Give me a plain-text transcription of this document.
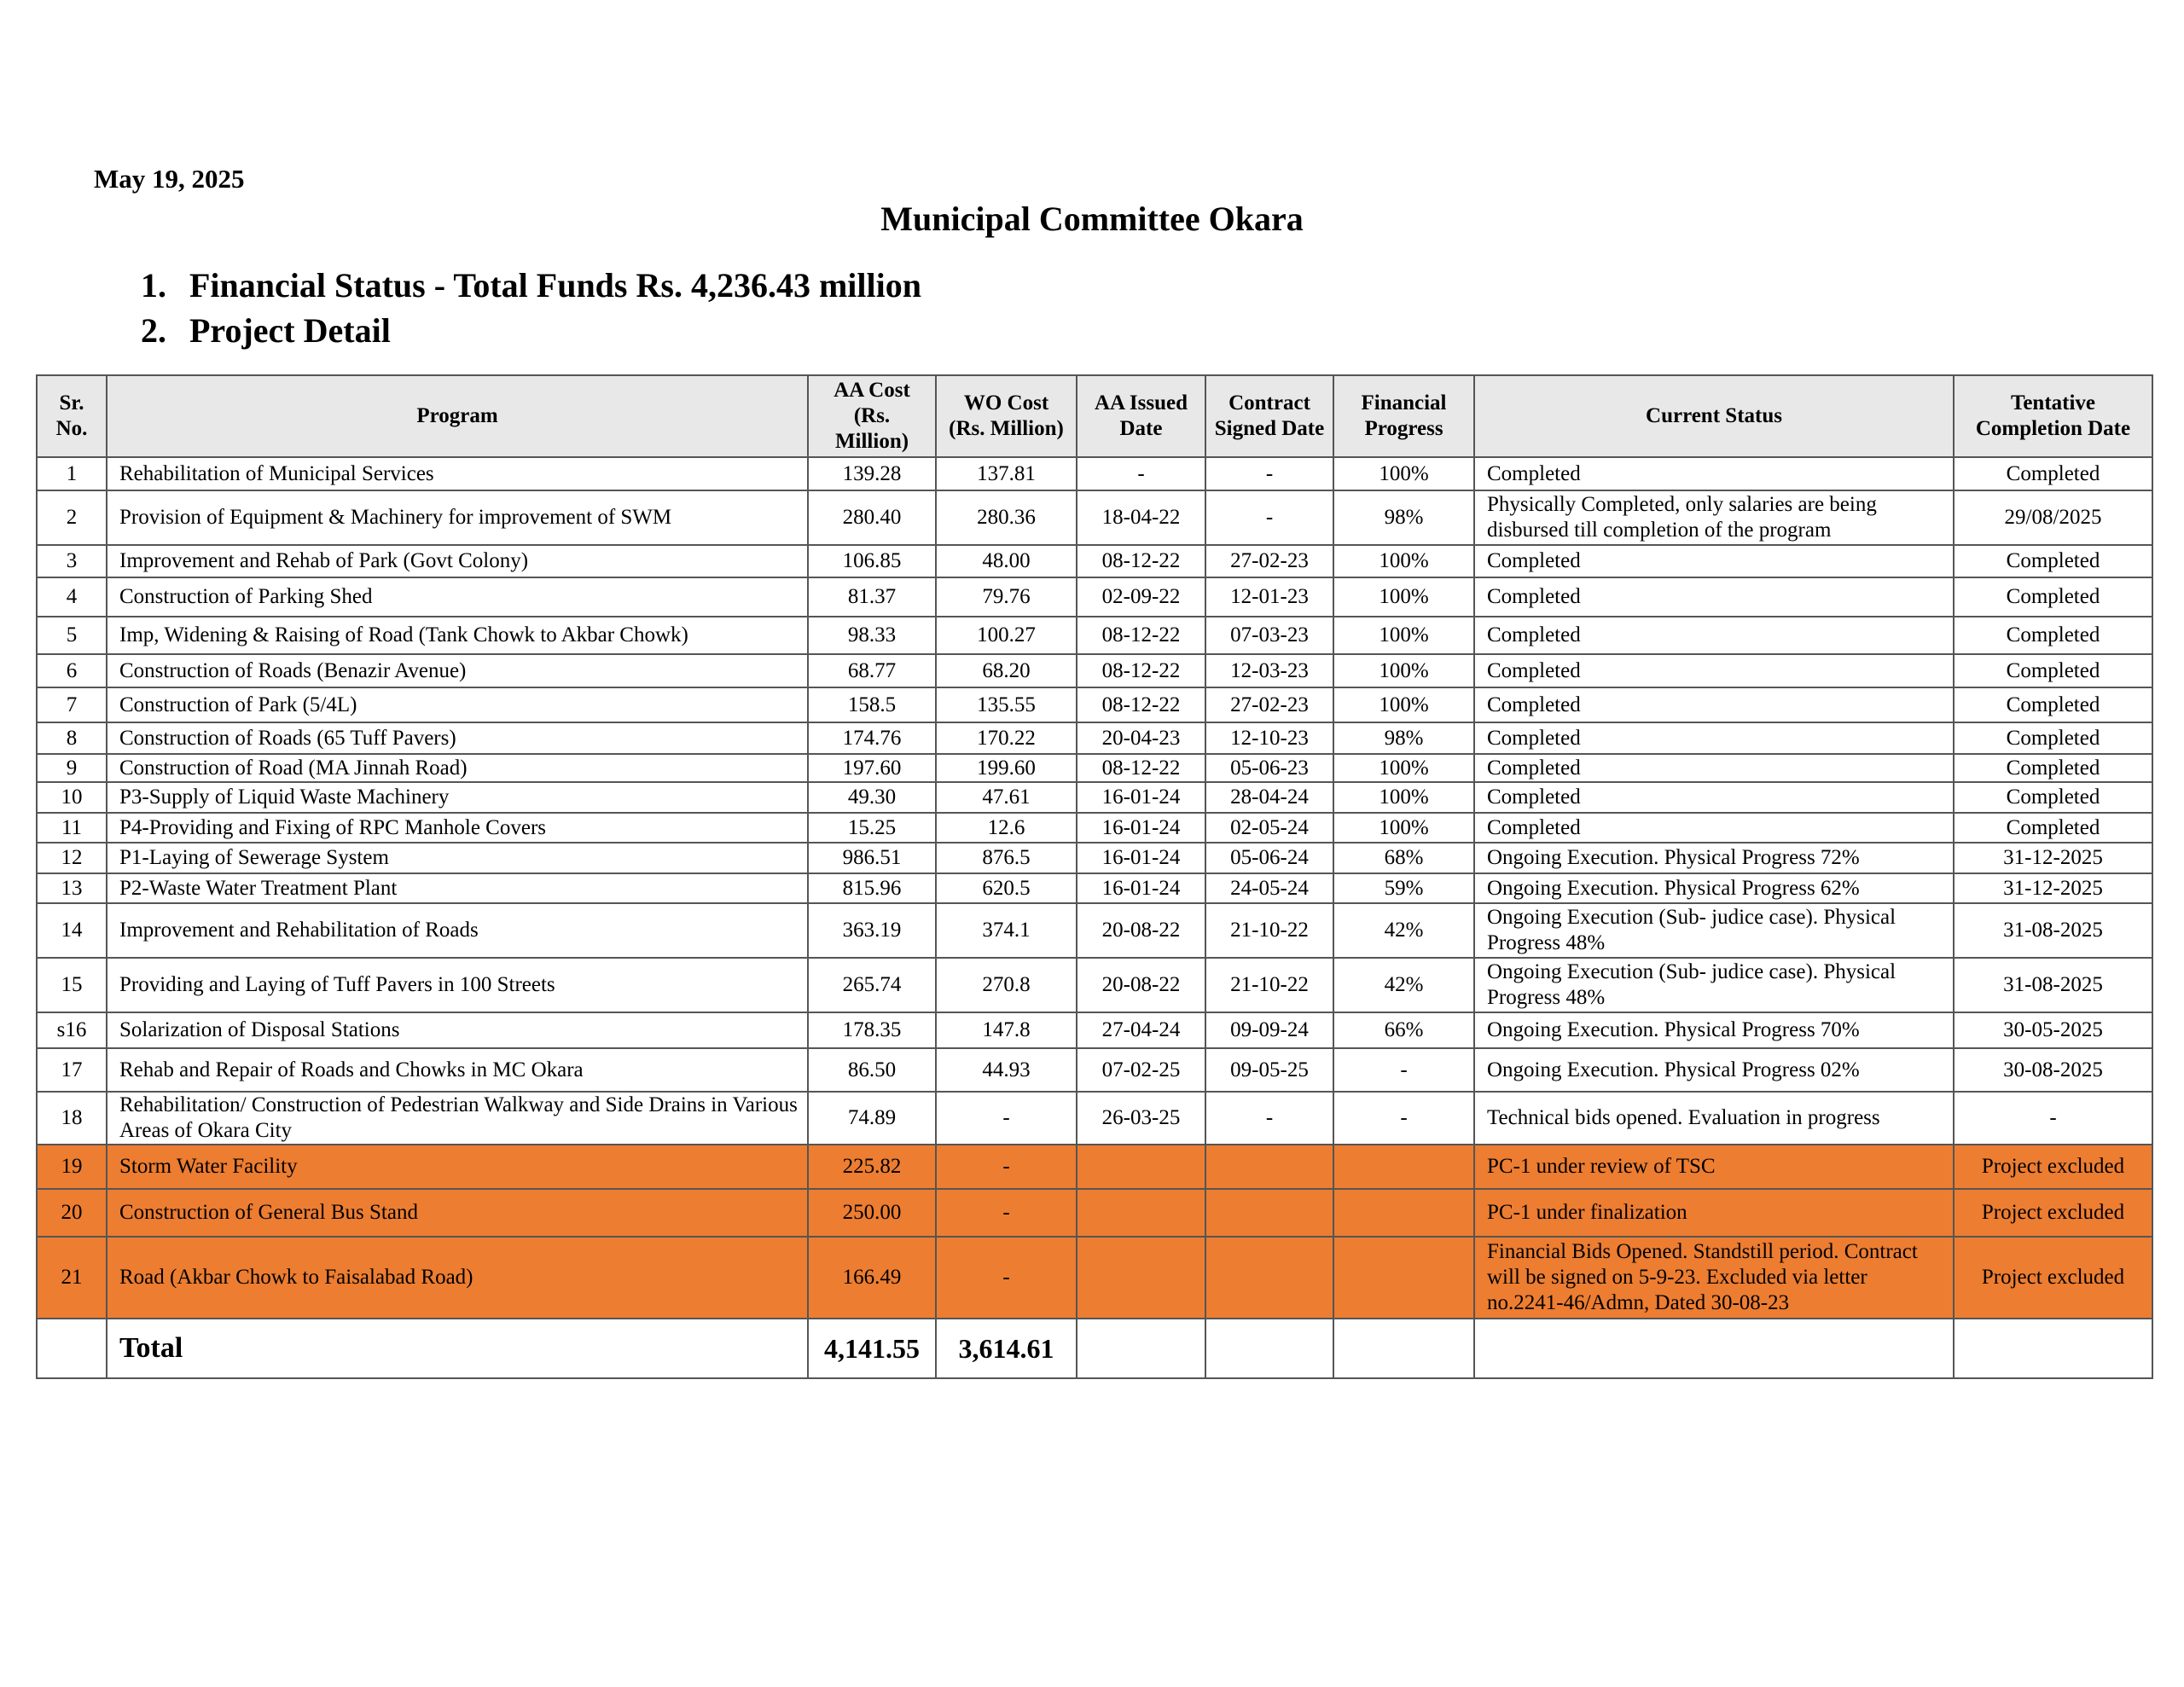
May 19, 2025
Municipal Committee Okara
1. Financial Status - Total Funds Rs. 4,236.43 million
2. Project Detail
Sr. No.	Program	AA Cost (Rs. Million)	WO Cost (Rs. Million)	AA Issued Date	Contract Signed Date	Financial Progress	Current Status	Tentative Completion Date
1	Rehabilitation of Municipal Services	139.28	137.81	-	-	100%	Completed	Completed
2	Provision of Equipment & Machinery for improvement of SWM	280.40	280.36	18-04-22	-	98%	Physically Completed, only salaries are being disbursed till completion of the program	29/08/2025
3	Improvement and Rehab of Park (Govt Colony)	106.85	48.00	08-12-22	27-02-23	100%	Completed	Completed
4	Construction of Parking Shed	81.37	79.76	02-09-22	12-01-23	100%	Completed	Completed
5	Imp, Widening & Raising of Road (Tank Chowk to Akbar Chowk)	98.33	100.27	08-12-22	07-03-23	100%	Completed	Completed
6	Construction of Roads (Benazir Avenue)	68.77	68.20	08-12-22	12-03-23	100%	Completed	Completed
7	Construction of Park (5/4L)	158.5	135.55	08-12-22	27-02-23	100%	Completed	Completed
8	Construction of Roads (65 Tuff Pavers)	174.76	170.22	20-04-23	12-10-23	98%	Completed	Completed
9	Construction of Road (MA Jinnah Road)	197.60	199.60	08-12-22	05-06-23	100%	Completed	Completed
10	P3-Supply of Liquid Waste Machinery	49.30	47.61	16-01-24	28-04-24	100%	Completed	Completed
11	P4-Providing and Fixing of RPC Manhole Covers	15.25	12.6	16-01-24	02-05-24	100%	Completed	Completed
12	P1-Laying of Sewerage System	986.51	876.5	16-01-24	05-06-24	68%	Ongoing Execution. Physical Progress 72%	31-12-2025
13	P2-Waste Water Treatment Plant	815.96	620.5	16-01-24	24-05-24	59%	Ongoing Execution. Physical Progress 62%	31-12-2025
14	Improvement and Rehabilitation of Roads	363.19	374.1	20-08-22	21-10-22	42%	Ongoing Execution (Sub- judice case). Physical Progress 48%	31-08-2025
15	Providing and Laying of Tuff Pavers in 100 Streets	265.74	270.8	20-08-22	21-10-22	42%	Ongoing Execution (Sub- judice case). Physical Progress 48%	31-08-2025
s16	Solarization of Disposal Stations	178.35	147.8	27-04-24	09-09-24	66%	Ongoing Execution. Physical Progress 70%	30-05-2025
17	Rehab and Repair of Roads and Chowks in MC Okara	86.50	44.93	07-02-25	09-05-25	-	Ongoing Execution. Physical Progress 02%	30-08-2025
18	Rehabilitation/ Construction of Pedestrian Walkway and Side Drains in Various Areas of Okara City	74.89	-	26-03-25	-	-	Technical bids opened. Evaluation in progress	-
19	Storm Water Facility	225.82	-				PC-1 under review of TSC	Project excluded
20	Construction of General Bus Stand	250.00	-				PC-1 under finalization	Project excluded
21	Road (Akbar Chowk to Faisalabad Road)	166.49	-				Financial Bids Opened. Standstill period. Contract will be signed on 5-9-23. Excluded via letter no.2241-46/Admn, Dated 30-08-23	Project excluded
	Total	4,141.55	3,614.61					
